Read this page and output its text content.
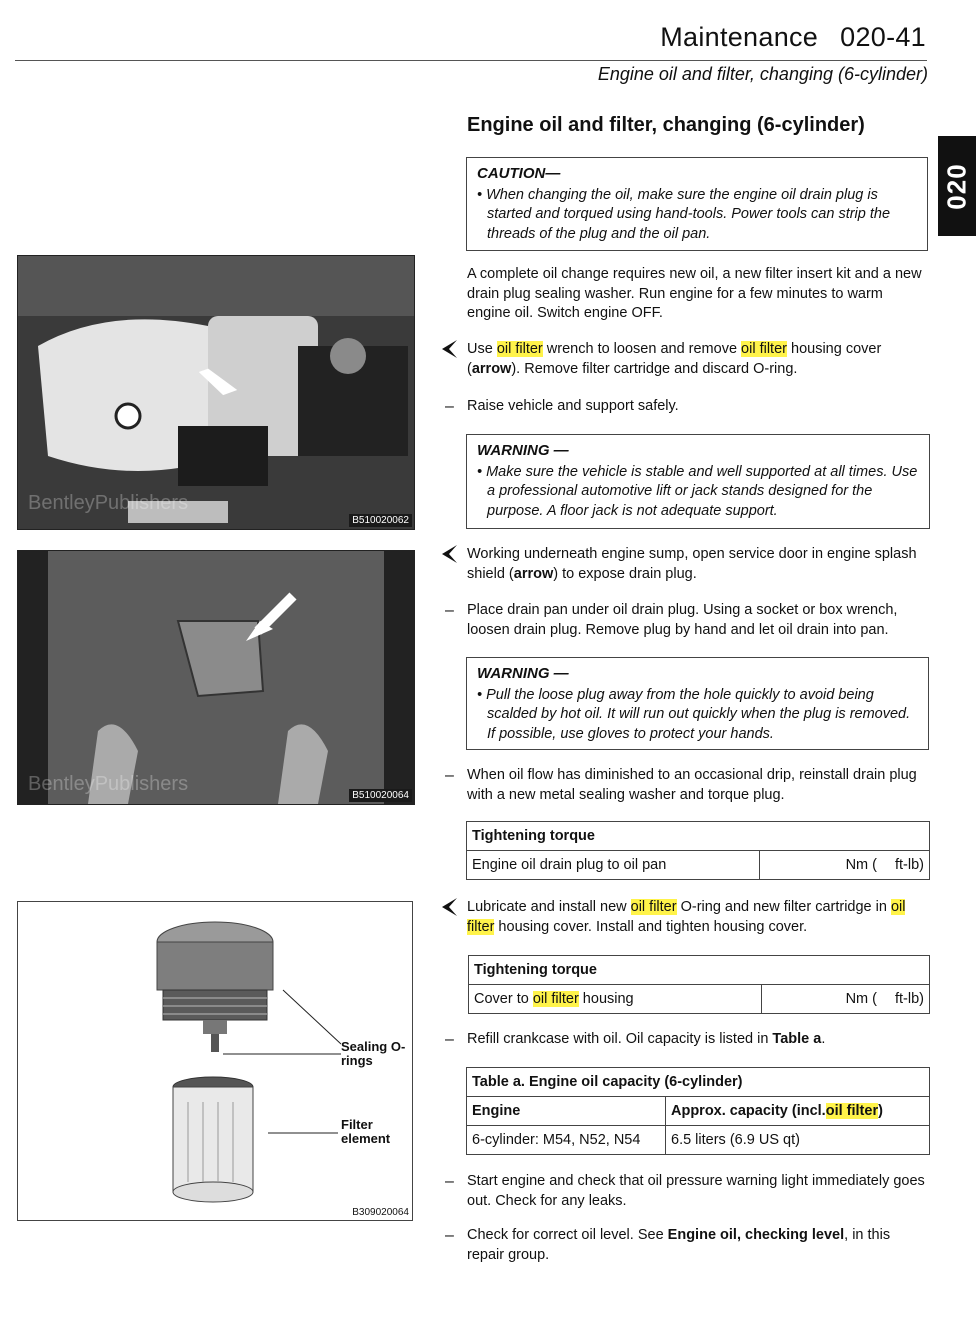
Maintenance 020-41
Engine oil and filter, changing (6-cylinder)
020
Engine oil and filter, changing (6-cylinder)
CAUTION—
• When changing the oil, make sure the engine oil drain plug is started and torqued using hand-tools. Power tools can strip the threads of the plug and the oil pan.
A complete oil change requires new oil, a new filter insert kit and a new drain plug sealing washer. Run engine for a few minutes to warm engine oil. Switch engine OFF.
Use oil filter wrench to loosen and remove oil filter housing cover (arrow). Remove filter cartridge and discard O-ring.
– Raise vehicle and support safely.
WARNING —
• Make sure the vehicle is stable and well supported at all times. Use a professional automotive lift or jack stands designed for the purpose. A floor jack is not adequate support.
Working underneath engine sump, open service door in engine splash shield (arrow) to expose drain plug.
– Place drain pan under oil drain plug. Using a socket or box wrench, loosen drain plug. Remove plug by hand and let oil drain into pan.
WARNING —
• Pull the loose plug away from the hole quickly to avoid being scalded by hot oil. It will run out quickly when the plug is removed. If possible, use gloves to protect your hands.
– When oil flow has diminished to an occasional drip, reinstall drain plug with a new metal sealing washer and torque plug.
Tightening torque
Engine oil drain plug to oil pan	Nm ( ft-lb)
Lubricate and install new oil filter O-ring and new filter cartridge in oil filter housing cover. Install and tighten housing cover.
Tightening torque
Cover to oil filter housing	Nm ( ft-lb)
– Refill crankcase with oil. Oil capacity is listed in Table a.
Table a. Engine oil capacity (6-cylinder)	
Engine	Approx. capacity (incl.oil filter)
6-cylinder: M54, N52, N54	6.5 liters (6.9 US qt)
– Start engine and check that oil pressure warning light immediately goes out. Check for any leaks.
– Check for correct oil level. See Engine oil, checking level, in this repair group.
BentleyPublishers
B510020062
BentleyPublishers
B510020064
Sealing O-rings
Filter element
B309020064
